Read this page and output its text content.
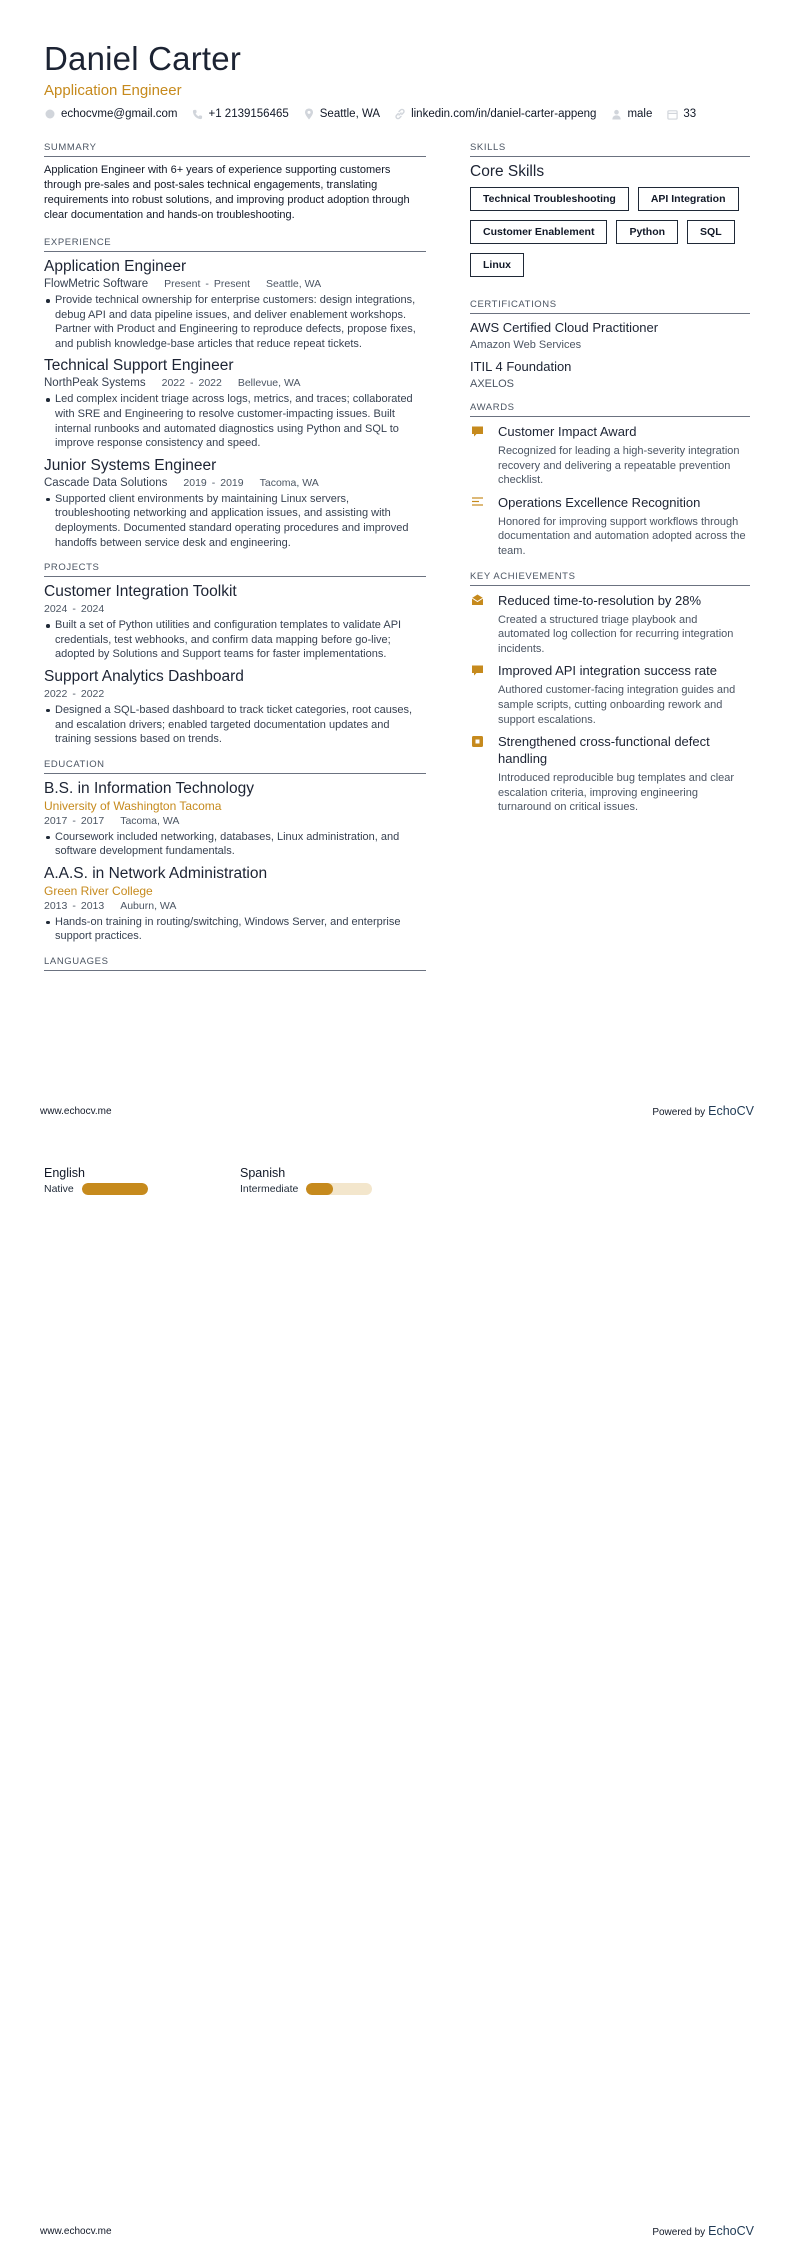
Daniel Carter
Application Engineer
echocvme@gmail.com	+1 2139156465	Seattle, WA	linkedin.com/in/daniel-carter-appeng	male	33
SUMMARY
Application Engineer with 6+ years of experience supporting customers through pre-sales and post-sales technical engagements, translating requirements into robust solutions, and improving product adoption through clear documentation and hands-on troubleshooting.
EXPERIENCE
Application Engineer
FlowMetric Software Present - Present Seattle, WA
Provide technical ownership for enterprise customers: design integrations, debug API and data pipeline issues, and deliver enablement workshops. Partner with Product and Engineering to reproduce defects, propose fixes, and publish knowledge-base articles that reduce repeat tickets.
Technical Support Engineer
NorthPeak Systems 2022 - 2022 Bellevue, WA
Led complex incident triage across logs, metrics, and traces; collaborated with SRE and Engineering to resolve customer-impacting issues. Built internal runbooks and automated diagnostics using Python and SQL to improve response consistency and speed.
Junior Systems Engineer
Cascade Data Solutions 2019 - 2019 Tacoma, WA
Supported client environments by maintaining Linux servers, troubleshooting networking and application issues, and assisting with deployments. Documented standard operating procedures and improved handoffs between service desk and engineering.
PROJECTS
Customer Integration Toolkit
2024 - 2024
Built a set of Python utilities and configuration templates to validate API credentials, test webhooks, and confirm data mapping before go-live; adopted by Solutions and Support teams for faster implementations.
Support Analytics Dashboard
2022 - 2022
Designed a SQL-based dashboard to track ticket categories, root causes, and escalation drivers; enabled targeted documentation updates and training sessions based on trends.
EDUCATION
B.S. in Information Technology
University of Washington Tacoma
2017 - 2017 Tacoma, WA
Coursework included networking, databases, Linux administration, and software development fundamentals.
A.A.S. in Network Administration
Green River College
2013 - 2013 Auburn, WA
Hands-on training in routing/switching, Windows Server, and enterprise support practices.
LANGUAGES
SKILLS
Core Skills
Technical Troubleshooting	API Integration
Customer Enablement	Python	SQL
Linux
CERTIFICATIONS
AWS Certified Cloud Practitioner
Amazon Web Services
ITIL 4 Foundation
AXELOS
AWARDS
Customer Impact Award
Recognized for leading a high-severity integration recovery and delivering a repeatable prevention checklist.
Operations Excellence Recognition
Honored for improving support workflows through documentation and automation adopted across the team.
KEY ACHIEVEMENTS
Reduced time-to-resolution by 28%
Created a structured triage playbook and automated log collection for recurring integration incidents.
Improved API integration success rate
Authored customer-facing integration guides and sample scripts, cutting onboarding rework and support escalations.
Strengthened cross-functional defect handling
Introduced reproducible bug templates and clear escalation criteria, improving engineering turnaround on critical issues.
www.echocv.me	Powered by EchoCV
English
Native
Spanish
Intermediate
www.echocv.me	Powered by EchoCV
